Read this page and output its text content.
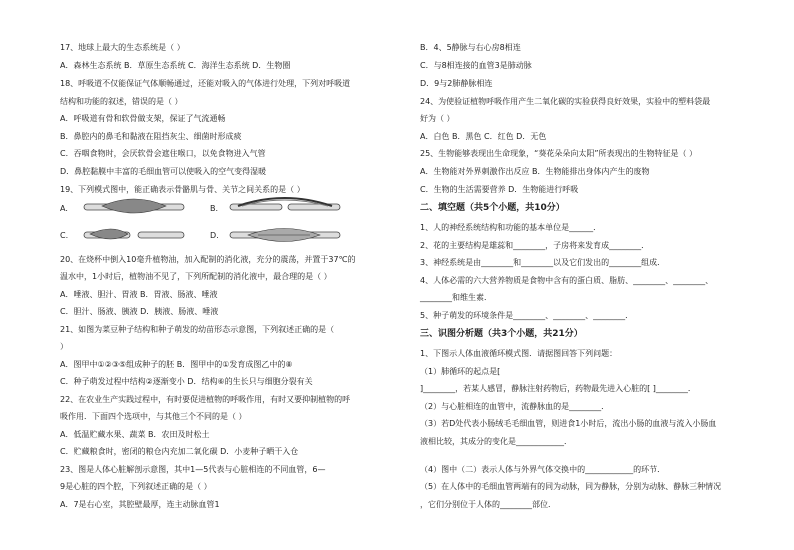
17、地球上最大的生态系统是（ ）
A．森林生态系统 B．草原生态系统 C．海洋生态系统 D．生物圈
18、呼吸道不仅能保证气体顺畅通过，还能对吸入的气体进行处理，下列对呼吸道
结构和功能的叙述，错误的是（ ）
A．呼吸道有骨和软骨做支架，保证了气流通畅
B．鼻腔内的鼻毛和黏液在阻挡灰尘、细菌时形成痰
C．吞咽食物时，会厌软骨会遮住喉口，以免食物进入气管
D．鼻腔黏膜中丰富的毛细血管可以使吸入的空气变得湿暖
19、下列模式图中，能正确表示骨骼肌与骨、关节之间关系的是（ ）
A.	B.
C.	D.
20、在烧杯中倒入10毫升植物油，加入配制的消化液，充分的震荡，并置于37℃的
温水中，1小时后，植物油不见了，下列所配制的消化液中，最合理的是（ ）
A．唾液、胆汁、胃液 B．胃液、肠液、唾液
C．胆汁、肠液、胰液 D．胰液、肠液、唾液
21、如图为菜豆种子结构和种子萌发的幼苗形态示意图，下列叙述正确的是（
）
A．图甲中①②③⑤组成种子的胚 B．图甲中的①发育成图乙中的⑧
C．种子萌发过程中结构②逐渐变小 D．结构⑥的生长只与细胞分裂有关
22、在农业生产实践过程中，有时要促进植物的呼吸作用，有时又要抑制植物的呼
吸作用．下面四个选项中，与其他三个不同的是（ ）
A．低温贮藏水果、蔬菜 B．农田及时松土
C．贮藏粮食时，密闭的粮仓内充加二氧化碳 D．小麦种子晒干入仓
23、图是人体心脏解剖示意图，其中1—5代表与心脏相连的不同血管，6—
9是心脏的四个腔，下列叙述正确的是（ ）
A．7是右心室，其腔壁最厚，连主动脉血管1
B．4、5静脉与右心房8相连
C．与8相连接的血管3是肺动脉
D．9与2肺静脉相连
24、为使验证植物呼吸作用产生二氧化碳的实验获得良好效果，实验中的塑料袋最
好为（ ）
A．白色 B．黑色 C．红色 D．无色
25、生物能够表现出生命现象，“葵花朵朵向太阳”所表现出的生物特征是（ ）
A．生物能对外界刺激作出反应 B．生物能排出身体内产生的废物
C．生物的生活需要营养 D．生物能进行呼吸
二、填空题（共5个小题，共10分）
1、人的神经系统结构和功能的基本单位是______．
2、花的主要结构是雄蕊和________，子房将来发育成________．
3、神经系统是由________和________以及它们发出的________组成．
4、人体必需的六大营养物质是食物中含有的蛋白质、脂肪、________、________、
________和维生素．
5、种子萌发的环境条件是________、________、________．
三、识图分析题（共3个小题，共21分）
1、下图示人体血液循环模式图．请据图回答下列问题：
（1）肺循环的起点是[
]________，若某人感冒，静脉注射药物后，药物最先进入心脏的[ ]________．
（2）与心脏相连的血管中，流静脉血的是________．
（3）若D处代表小肠绒毛毛细血管，则进食1小时后，流出小肠的血液与流入小肠血
液相比较，其成分的变化是____________．
（4）图中（二）表示人体与外界气体交换中的____________的环节．
（5）在人体中的毛细血管两端有的同为动脉，同为静脉，分别为动脉、静脉三种情况
，它们分别位于人体的________部位．
